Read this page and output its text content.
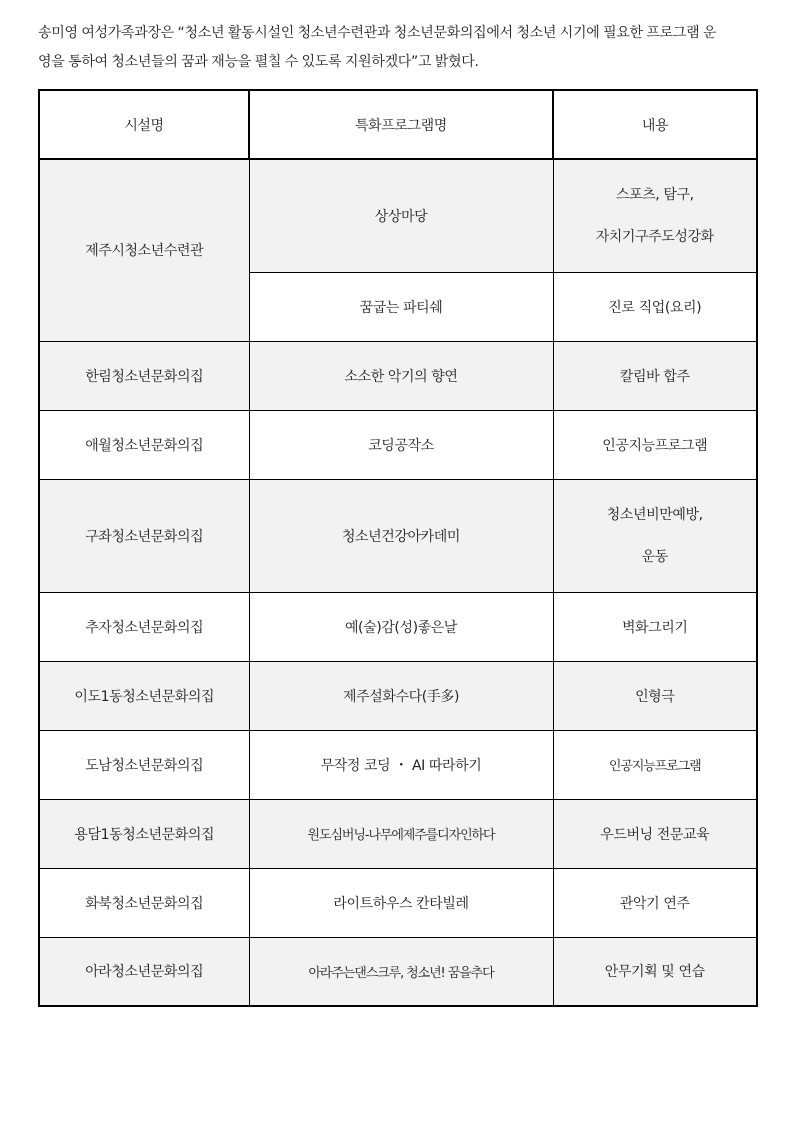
송미영 여성가족과장은 “청소년 활동시설인 청소년수련관과 청소년문화의집에서 청소년 시기에 필요한 프로그램 운
영을 통하여 청소년들의 꿈과 재능을 펼칠 수 있도록 지원하겠다”고 밝혔다.

시설명	특화프로그램명	내용
제주시청소년수련관	상상마당	스포츠, 탐구,
자치기구주도성강화
	꿈굽는 파티쉐	진로 직업(요리)
한림청소년문화의집	소소한 악기의 향연	칼림바 합주
애월청소년문화의집	코딩공작소	인공지능프로그램
구좌청소년문화의집	청소년건강아카데미	청소년비만예방,
운동
추자청소년문화의집	예(술)감(성)좋은날	벽화그리기
이도1동청소년문화의집	제주설화수다(手多)	인형극
도남청소년문화의집	무작정 코딩 ・ AI 따라하기	인공지능프로그램
용담1동청소년문화의집	원도심버닝-나무에제주를디자인하다	우드버닝 전문교육
화북청소년문화의집	라이트하우스 칸타빌레	관악기 연주
아라청소년문화의집	아라주는댄스크루, 청소년! 꿈을추다	안무기획 및 연습
